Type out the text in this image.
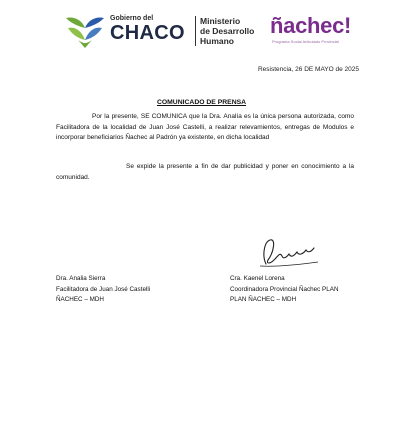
Gobierno del
CHACO
Ministerio
de Desarrollo
Humano
ñachec!
Programa Social Articulado Provincial
Resistencia, 26 DE MAYO de 2025
COMUNICADO DE PRENSA
Por la presente, SE COMUNICA que la Dra. Analía es la única persona autorizada, como Facilitadora de la localidad de Juan José Castelli, a realizar relevamientos, entregas de Modulos e incorporar beneficiarios Ñachec al Padrón ya existente, en dicha localidad
Se expide la presente a fin de dar publicidad y poner en conocimiento a la comunidad.
Dra. Analia Sierra
Facilitadora de Juan José Castelli
ÑACHEC – MDH
Cra. Kaenel Lorena
Coordinadora Provincial Ñachec PLAN
PLAN ÑACHEC – MDH
